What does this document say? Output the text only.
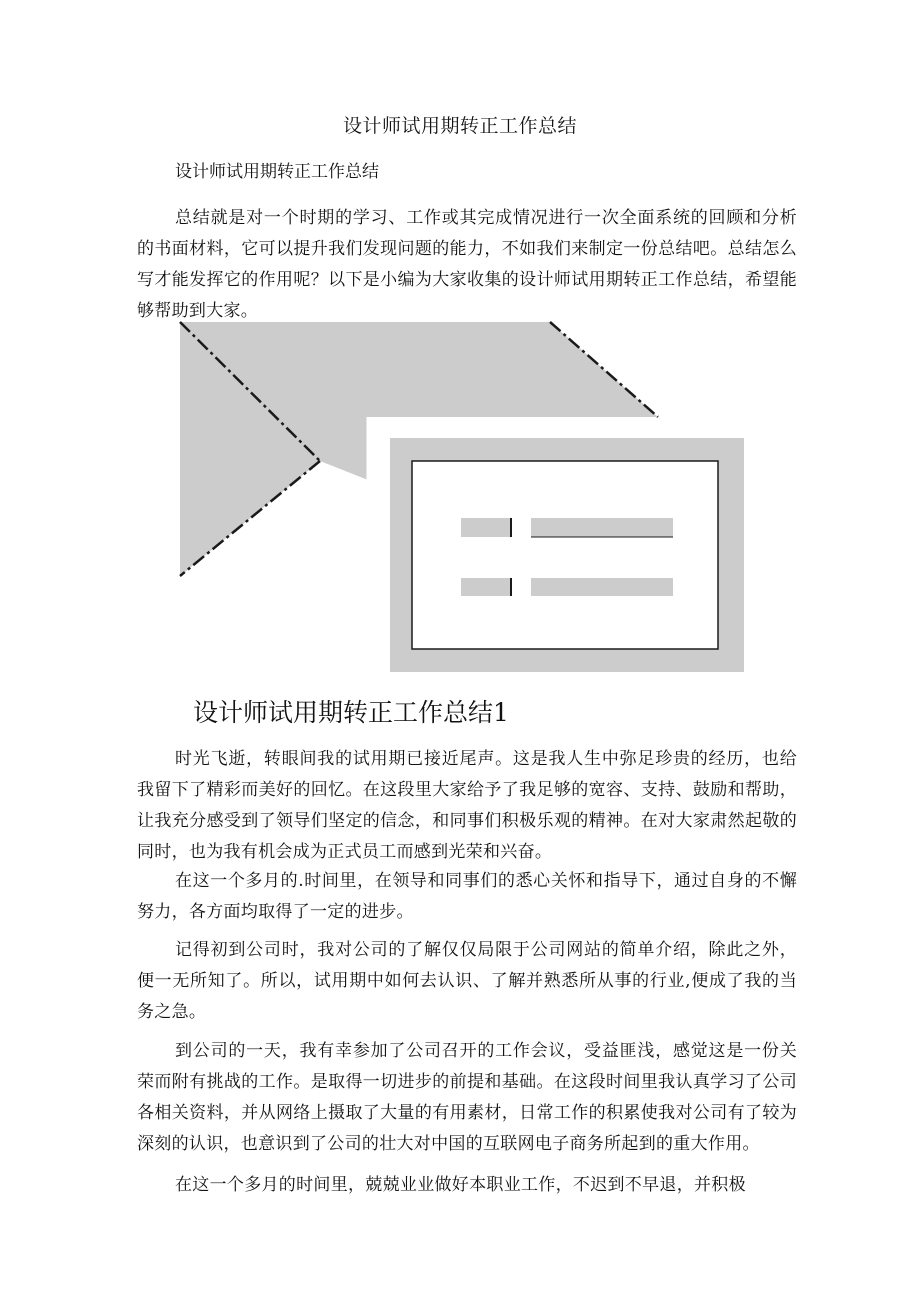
设计师试用期转正工作总结
设计师试用期转正工作总结

总结就是对一个时期的学习、工作或其完成情况进行一次全面系统的回顾和分析的书面材料，它可以提升我们发现问题的能力，不如我们来制定一份总结吧。总结怎么写才能发挥它的作用呢？以下是小编为大家收集的设计师试用期转正工作总结，希望能够帮助到大家。

设计师试用期转正工作总结1

时光飞逝，转眼间我的试用期已接近尾声。这是我人生中弥足珍贵的经历，也给我留下了精彩而美好的回忆。在这段里大家给予了我足够的宽容、支持、鼓励和帮助，让我充分感受到了领导们坚定的信念，和同事们积极乐观的精神。在对大家肃然起敬的同时，也为我有机会成为正式员工而感到光荣和兴奋。

在这一个多月的.时间里，在领导和同事们的悉心关怀和指导下，通过自身的不懈努力，各方面均取得了一定的进步。

记得初到公司时，我对公司的了解仅仅局限于公司网站的简单介绍，除此之外，便一无所知了。所以，试用期中如何去认识、了解并熟悉所从事的行业,便成了我的当务之急。

到公司的一天，我有幸参加了公司召开的工作会议，受益匪浅，感觉这是一份关荣而附有挑战的工作。是取得一切进步的前提和基础。在这段时间里我认真学习了公司各相关资料，并从网络上摄取了大量的有用素材，日常工作的积累使我对公司有了较为深刻的认识，也意识到了公司的壮大对中国的互联网电子商务所起到的重大作用。

在这一个多月的时间里，兢兢业业做好本职业工作，不迟到不早退，并积极
